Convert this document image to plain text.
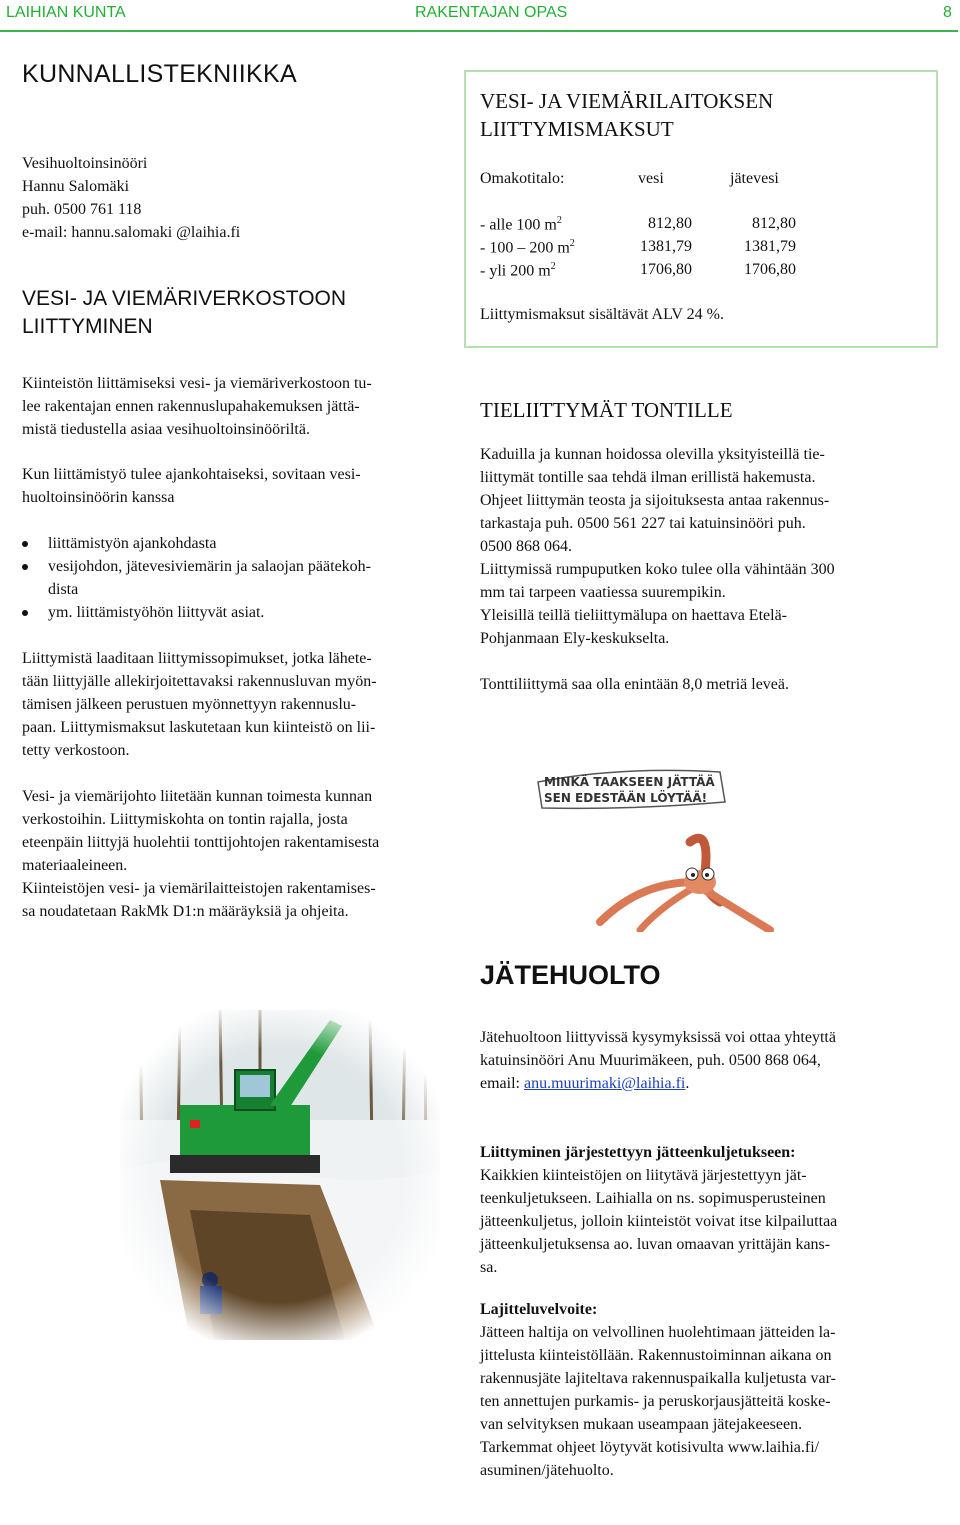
LAIHIAN KUNTA	RAKENTAJAN OPAS	8
KUNNALLISTEKNIIKKA
Vesihuoltoinsinööri
Hannu Salomäki
puh. 0500 761 118
e-mail: hannu.salomaki @laihia.fi
VESI- JA VIEMÄRIVERKOSTOON
LIITTYMINEN
Kiinteistön liittämiseksi vesi- ja viemäriverkostoon tu-
lee rakentajan ennen rakennuslupahakemuksen jättä-
mistä tiedustella asiaa vesihuoltoinsinööriltä.
Kun liittämistyö tulee ajankohtaiseksi, sovitaan vesi-
huoltoinsinöörin kanssa
liittämistyön ajankohdasta
vesijohdon, jätevesiviemärin ja salaojan päätekoh-
dista
ym. liittämistyöhön liittyvät asiat.
Liittymistä laaditaan liittymissopimukset, jotka lähete-
tään liittyjälle allekirjoitettavaksi rakennusluvan myön-
tämisen jälkeen perustuen myönnettyyn rakennuslu-
paan. Liittymismaksut laskutetaan kun kiinteistö on lii-
tetty verkostoon.
Vesi- ja viemärijohto liitetään kunnan toimesta kunnan
verkostoihin. Liittymiskohta on tontin rajalla, josta
eteenpäin liittyjä huolehtii tonttijohtojen rakentamisesta
materiaaleineen.
Kiinteistöjen vesi- ja viemärilaitteistojen rakentamises-
sa noudatetaan RakMk D1:n määräyksiä ja ohjeita.
VESI- JA VIEMÄRILAITOKSEN
LIITTYMISMAKSUT
Omakotitalo:	vesi	jätevesi
- alle 100 $m^2$	812,80	812,80
- 100 – 200 $m^2$	1381,79	1381,79
- yli 200 $m^2$	1706,80	1706,80
Liittymismaksut sisältävät ALV 24 %.
TIELIITTYMÄT TONTILLE
Kaduilla ja kunnan hoidossa olevilla yksityisteillä tie-
liittymät tontille saa tehdä ilman erillistä hakemusta.
Ohjeet liittymän teosta ja sijoituksesta antaa rakennus-
tarkastaja puh. 0500 561 227 tai katuinsinööri puh.
0500 868 064.
Liittymissä rumpuputken koko tulee olla vähintään 300
mm tai tarpeen vaatiessa suurempikin.
Yleisillä teillä tieliittymälupa on haettava Etelä-
Pohjanmaan Ely-keskukselta.
Tonttiliittymä saa olla enintään 8,0 metriä leveä.
MINKÄ TAAKSEEN JÄTTÄÄ
SEN EDESTÄÄN LÖYTÄÄ!
JÄTEHUOLTO
Jätehuoltoon liittyvissä kysymyksissä voi ottaa yhteyttä
katuinsinööri Anu Muurimäkeen, puh. 0500 868 064,
email: anu.muurimaki@laihia.fi.
Liittyminen järjestettyyn jätteenkuljetukseen:
Kaikkien kiinteistöjen on liitytävä järjestettyyn jät-
teenkuljetukseen. Laihialla on ns. sopimusperusteinen
jätteenkuljetus, jolloin kiinteistöt voivat itse kilpailuttaa
jätteenkuljetuksensa ao. luvan omaavan yrittäjän kans-
sa.
Lajitteluvelvoite:
Jätteen haltija on velvollinen huolehtimaan jätteiden la-
jittelusta kiinteistöllään. Rakennustoiminnan aikana on
rakennusjäte lajiteltava rakennuspaikalla kuljetusta var-
ten annettujen purkamis- ja peruskorjausjätteitä koske-
van selvityksen mukaan useampaan jätejakeeseen.
Tarkemmat ohjeet löytyvät kotisivulta www.laihia.fi/
asuminen/jätehuolto.
